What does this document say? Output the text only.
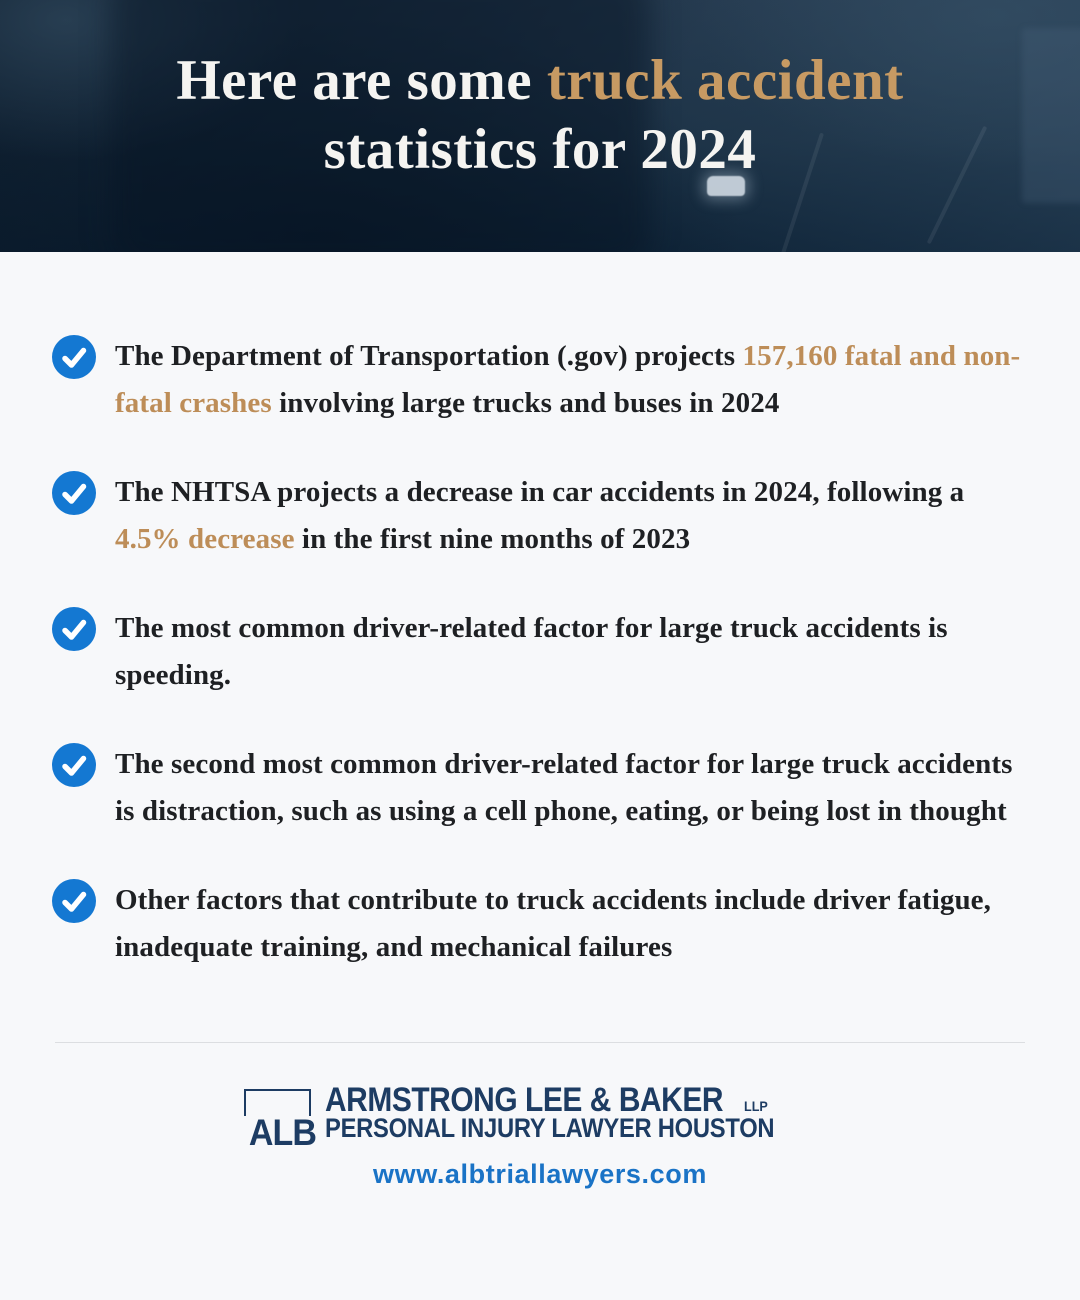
Here are some truck accident
statistics for 2024

The Department of Transportation (.gov) projects 157,160 fatal and non-fatal crashes involving large trucks and buses in 2024

The NHTSA projects a decrease in car accidents in 2024, following a 4.5% decrease in the first nine months of 2023

The most common driver-related factor for large truck accidents is speeding.

The second most common driver-related factor for large truck accidents is distraction, such as using a cell phone, eating, or being lost in thought

Other factors that contribute to truck accidents include driver fatigue, inadequate training, and mechanical failures

ALB
ARMSTRONG LEE & BAKER LLP
PERSONAL INJURY LAWYER HOUSTON
www.albtriallawyers.com
